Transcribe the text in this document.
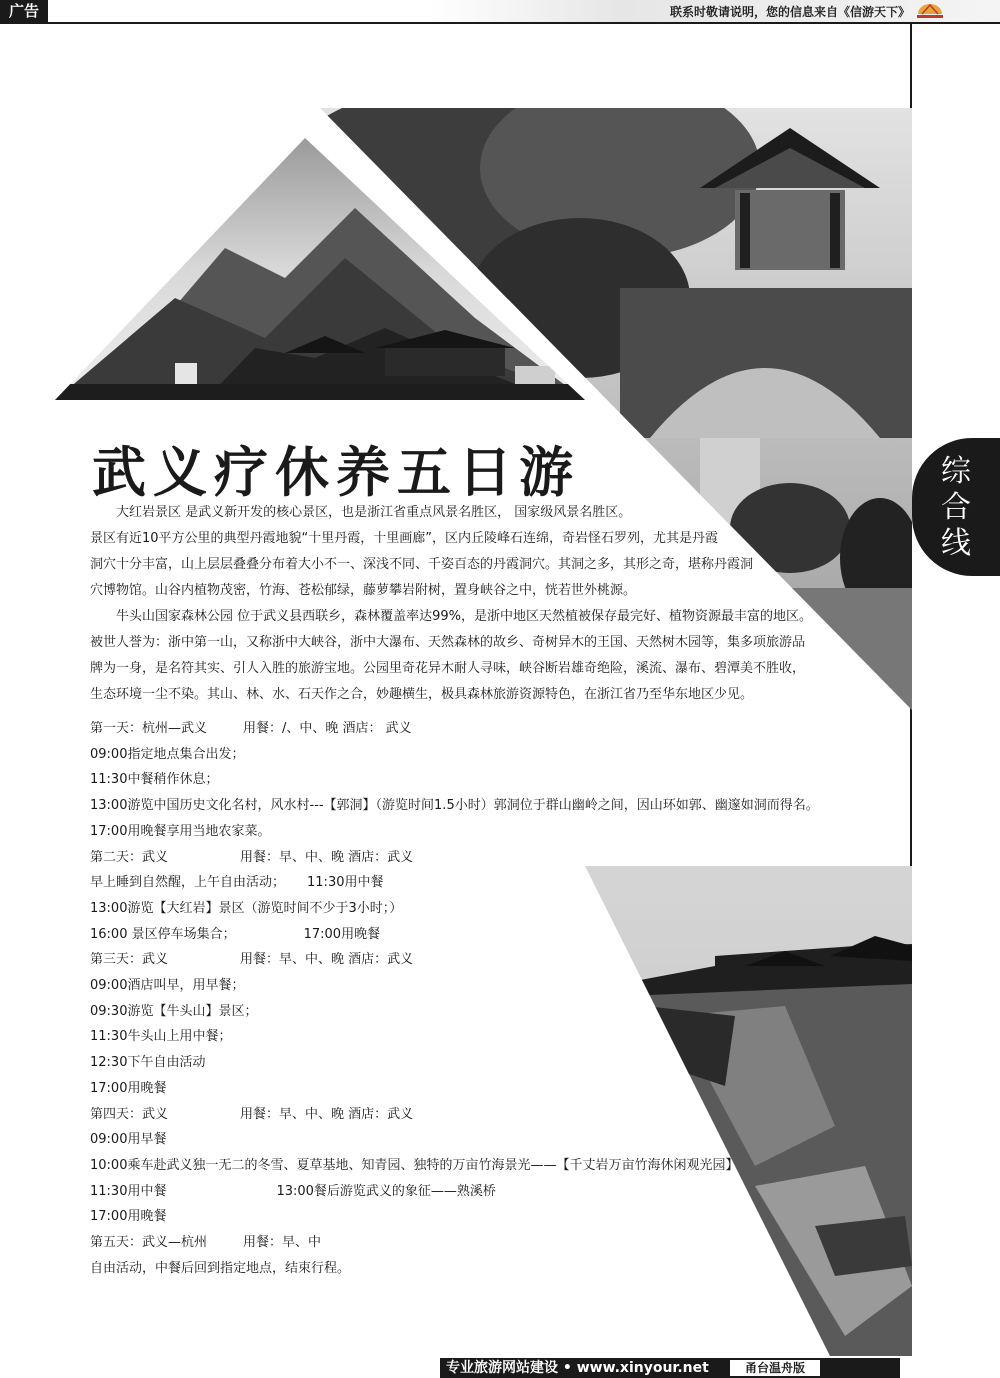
广告	联系时敬请说明，您的信息来自《信游天下》
综合线
武义疗休养五日游

大红岩景区 是武义新开发的核心景区，也是浙江省重点风景名胜区， 国家级风景名胜区。

景区有近10平方公里的典型丹霞地貌“十里丹霞，十里画廊”，区内丘陵峰石连绵，奇岩怪石罗列，尤其是丹霞

洞穴十分丰富，山上层层叠叠分布着大小不一、深浅不同、千姿百态的丹霞洞穴。其洞之多，其形之奇，堪称丹霞洞

穴博物馆。山谷内植物茂密，竹海、苍松郁绿，藤萝攀岩附树，置身峡谷之中，恍若世外桃源。

牛头山国家森林公园 位于武义县西联乡，森林覆盖率达99%，是浙中地区天然植被保存最完好、植物资源最丰富的地区。

被世人誉为：浙中第一山，又称浙中大峡谷，浙中大瀑布、天然森林的故乡、奇树异木的王国、天然树木园等，集多项旅游品

牌为一身，是名符其实、引人入胜的旅游宝地。公园里奇花异木耐人寻味，峡谷断岩雄奇绝险，溪流、瀑布、碧潭美不胜收，

生态环境一尘不染。其山、林、水、石天作之合，妙趣横生，极具森林旅游资源特色，在浙江省乃至华东地区少见。

第一天：杭州—武义	用餐：/、中、晚 酒店： 武义
09:00指定地点集合出发；
11:30中餐稍作休息；
13:00游览中国历史文化名村，风水村---【郭洞】（游览时间1.5小时）郭洞位于群山幽岭之间，因山环如郭、幽邃如洞而得名。
17:00用晚餐享用当地农家菜。
第二天：武义	用餐：早、中、晚 酒店：武义
早上睡到自然醒，上午自由活动； 11:30用中餐
13:00游览【大红岩】景区（游览时间不少于3小时；）
16:00 景区停车场集合；	17:00用晚餐
第三天：武义	用餐：早、中、晚 酒店：武义
09:00酒店叫早，用早餐；
09:30游览【牛头山】景区；
11:30牛头山上用中餐；
12:30下午自由活动
17:00用晚餐
第四天：武义	用餐：早、中、晚 酒店：武义
09:00用早餐
10:00乘车赴武义独一无二的冬雪、夏草基地、知青园、独特的万亩竹海景光——【千丈岩万亩竹海休闲观光园】
11:30用中餐	13:00餐后游览武义的象征——熟溪桥
17:00用晚餐
第五天：武义—杭州	用餐：早、中
自由活动，中餐后回到指定地点，结束行程。
专业旅游网站建设 • www.xinyour.net	甬台温舟版	15
